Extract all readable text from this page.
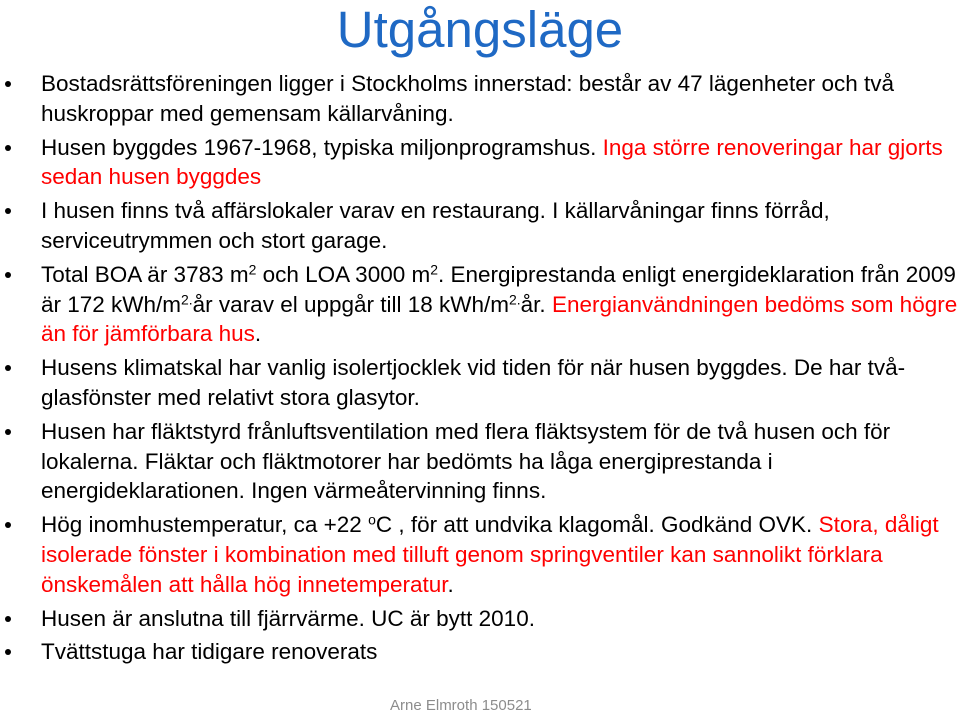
Utgångsläge
Bostadsrättsföreningen ligger i Stockholms innerstad: består av 47 lägenheter och två huskroppar med gemensam källarvåning.
Husen byggdes 1967-1968, typiska miljonprogramshus. Inga större renoveringar har gjorts sedan husen byggdes
I husen finns två affärslokaler varav en restaurang. I källarvåningar finns förråd, serviceutrymmen och stort garage.
Total BOA är 3783 $m^2$ och LOA 3000 $m^2$. Energiprestanda enligt energideklaration från 2009 är 172 kWh/$m^{2.}år$ varav el uppgår till 18 kWh/$m^{2.}år$. Energianvändningen bedöms som högre än för jämförbara hus.
Husens klimatskal har vanlig isolertjocklek vid tiden för när husen byggdes. De har två-glasfönster med relativt stora glasytor.
Husen har fläktstyrd frånluftsventilation med flera fläktsystem för de två husen och för lokalerna. Fläktar och fläktmotorer har bedömts ha låga energiprestanda i energideklarationen. Ingen värmeåtervinning finns.
Hög inomhustemperatur, ca +22 $^o$C , för att undvika klagomål. Godkänd OVK. Stora, dåligt isolerade fönster i kombination med tilluft genom springventiler kan sannolikt förklara önskemålen att hålla hög innetemperatur.
Husen är anslutna till fjärrvärme. UC är bytt 2010.
Tvättstuga har tidigare renoverats
Arne Elmroth 150521
